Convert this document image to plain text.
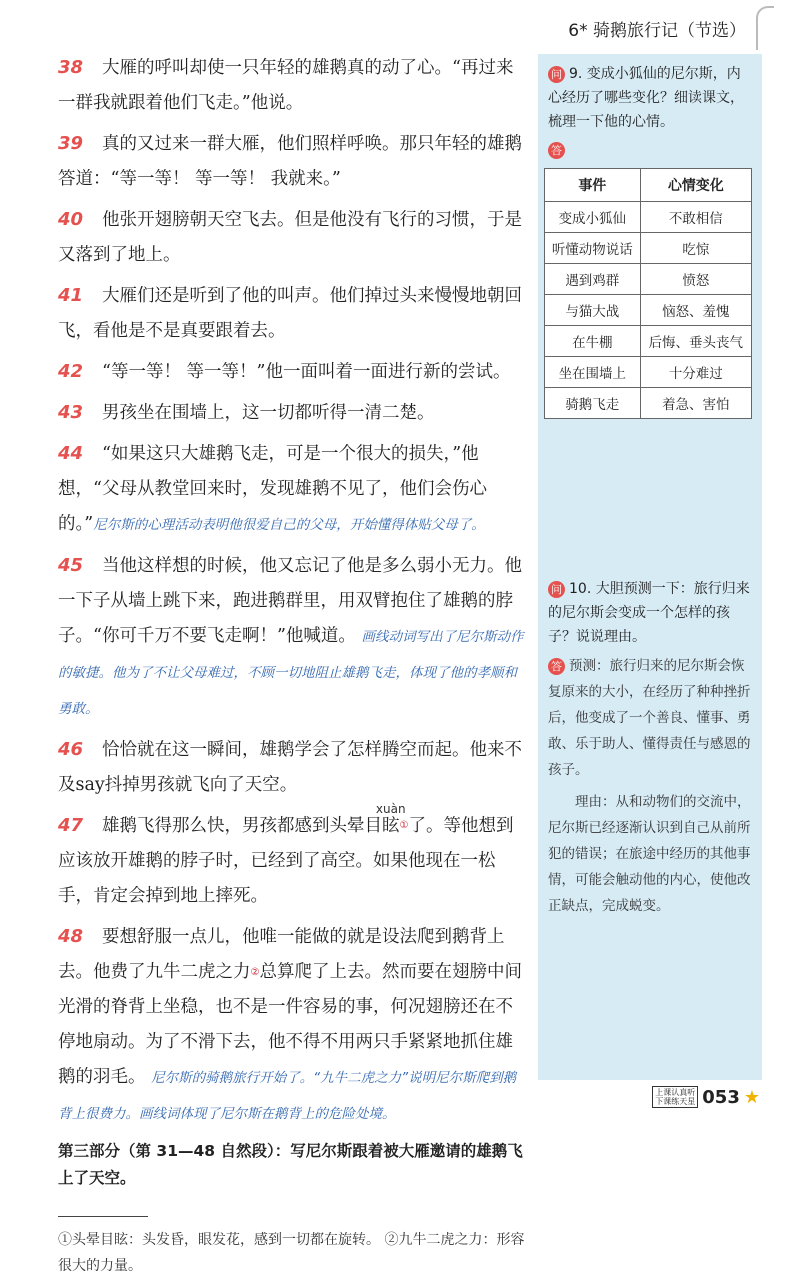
6* 骑鹅旅行记（节选）

38 大雁的呼叫却使一只年轻的雄鹅真的动了心。“再过来一群我就跟着他们飞走。”他说。

39 真的又过来一群大雁，他们照样呼唤。那只年轻的雄鹅答道：“等一等！ 等一等！ 我就来。”

40 他张开翅膀朝天空飞去。但是他没有飞行的习惯，于是又落到了地上。

41 大雁们还是听到了他的叫声。他们掉过头来慢慢地朝回飞，看他是不是真要跟着去。

42 “等一等！ 等一等！”他一面叫着一面进行新的尝试。

43 男孩坐在围墙上，这一切都听得一清二楚。

44 “如果这只大雄鹅飞走，可是一个很大的损失，”他想，“父母从教堂回来时，发现雄鹅不见了，他们会伤心的。”尼尔斯的心理活动表明他很爱自己的父母，开始懂得体贴父母了。

45 当他这样想的时候，他又忘记了他是多么弱小无力。他一下子从墙上跳下来，跑进鹅群里，用双臂抱住了雄鹅的脖子。“你可千万不要飞走啊！”他喊道。 画线动词写出了尼尔斯动作的敏捷。他为了不让父母难过，不顾一切地阻止雄鹅飞走，体现了他的孝顺和勇敢。

46 恰恰就在这一瞬间，雄鹅学会了怎样腾空而起。他来不及say抖掉男孩就飞向了天空。

47 雄鹅飞得那么快，男孩都感到头晕目眩
xuàn
①了。等他想到应该放开雄鹅的脖子时，已经到了高空。如果他现在一松手，肯定会掉到地上摔死。

48 要想舒服一点儿，他唯一能做的就是设法爬到鹅背上去。他费了九牛二虎之力②总算爬了上去。然而要在翅膀中间光滑的脊背上坐稳，也不是一件容易的事，何况翅膀还在不停地扇动。为了不滑下去，他不得不用两只手紧紧地抓住雄鹅的羽毛。 尼尔斯的骑鹅旅行开始了。“九牛二虎之力”说明尼尔斯爬到鹅背上很费力。画线词体现了尼尔斯在鹅背上的危险处境。

第三部分（第 31—48 自然段）：写尼尔斯跟着被大雁邀请的雄鹅飞上了天空。
①头晕目眩：头发昏，眼发花，感到一切都在旋转。 ②九牛二虎之力：形容很大的力量。
问 9. 变成小狐仙的尼尔斯，内心经历了哪些变化？细读课文，梳理一下他的心情。
答
事件	心情变化
变成小狐仙	不敢相信
听懂动物说话	吃惊
遇到鸡群	愤怒
与猫大战	恼怒、羞愧
在牛棚	后悔、垂头丧气
坐在围墙上	十分难过
骑鹅飞走	着急、害怕
问 10. 大胆预测一下：旅行归来的尼尔斯会变成一个怎样的孩子？说说理由。
答 预测：旅行归来的尼尔斯会恢复原来的大小，在经历了种种挫折后，他变成了一个善良、懂事、勇敢、乐于助人、懂得责任与感恩的孩子。
理由：从和动物们的交流中，尼尔斯已经逐渐认识到自己从前所犯的错误；在旅途中经历的其他事情，可能会触动他的内心，使他改正缺点，完成蜕变。
上课认真听
下课练天星 053 ★
